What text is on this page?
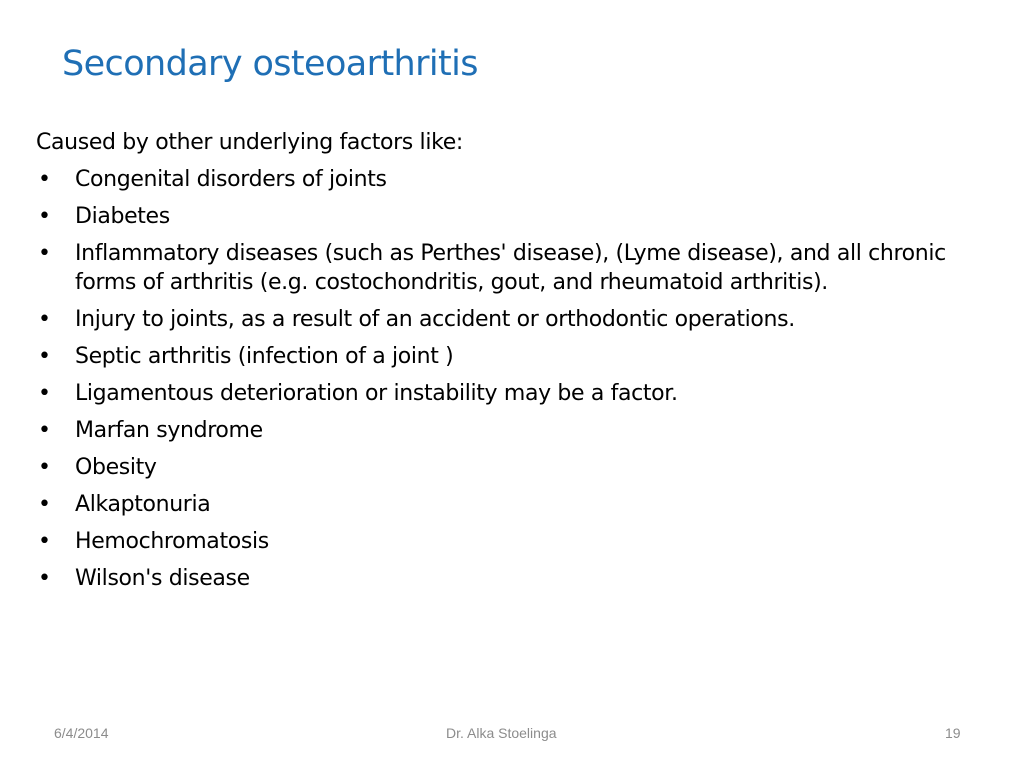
Secondary osteoarthritis

Caused by other underlying factors like:

• Congenital disorders of joints
• Diabetes
• Inflammatory diseases (such as Perthes' disease), (Lyme disease), and all chronic forms of arthritis (e.g. costochondritis, gout, and rheumatoid arthritis).
• Injury to joints, as a result of an accident or orthodontic operations.
• Septic arthritis (infection of a joint )
• Ligamentous deterioration or instability may be a factor.
• Marfan syndrome
• Obesity
• Alkaptonuria
• Hemochromatosis
• Wilson's disease
6/4/2014	Dr. Alka Stoelinga	19
